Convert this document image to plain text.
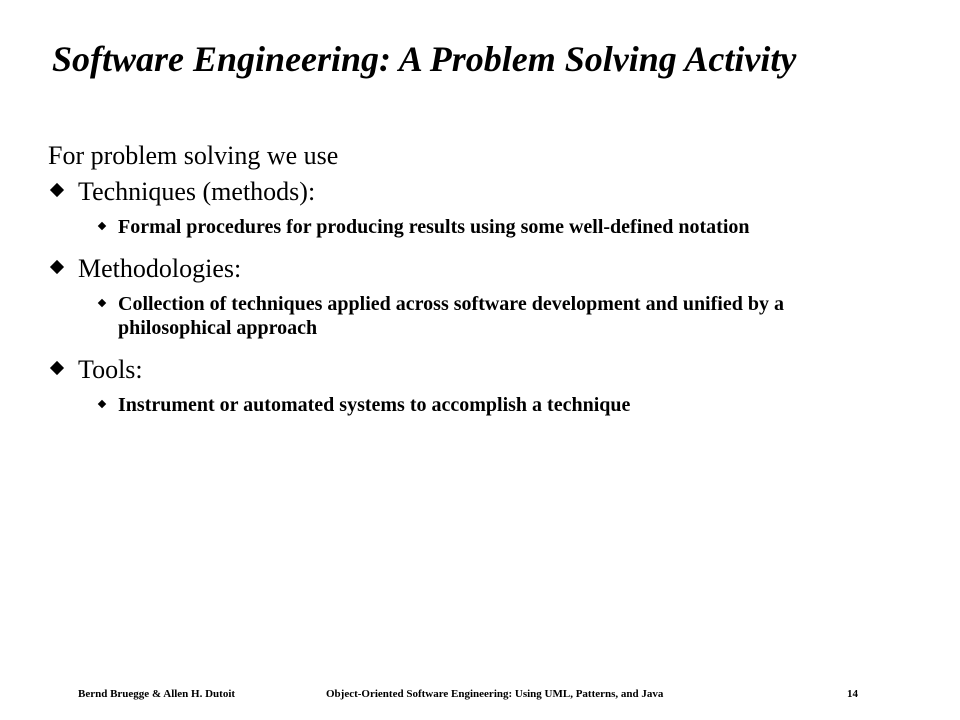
Software Engineering: A Problem Solving Activity
For problem solving we use
Techniques (methods):
Formal procedures for producing results using some well-defined notation
Methodologies:
Collection of techniques applied across software development and unified by a philosophical approach
Tools:
Instrument or automated systems to accomplish a technique
Bernd Bruegge & Allen H. Dutoit	Object-Oriented Software Engineering: Using UML, Patterns, and Java	14
